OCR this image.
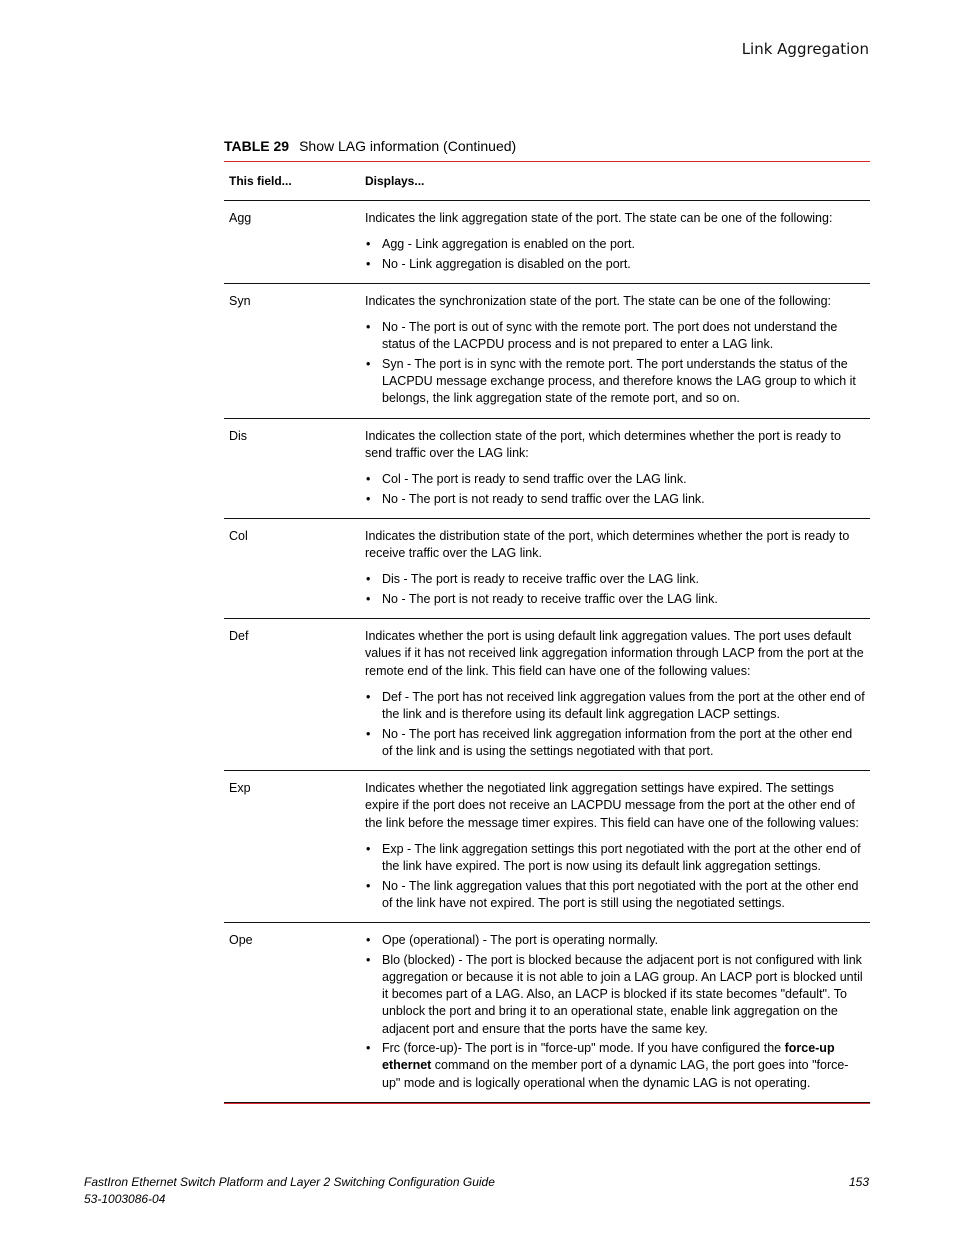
Link Aggregation
TABLE 29 Show LAG information (Continued)
This field...	Displays...
Agg	Indicates the link aggregation state of the port. The state can be one of the following:

• Agg - Link aggregation is enabled on the port.
• No - Link aggregation is disabled on the port.
Syn	Indicates the synchronization state of the port. The state can be one of the following:

• No - The port is out of sync with the remote port. The port does not understand the status of the LACPDU process and is not prepared to enter a LAG link.
• Syn - The port is in sync with the remote port. The port understands the status of the LACPDU message exchange process, and therefore knows the LAG group to which it belongs, the link aggregation state of the remote port, and so on.
Dis	Indicates the collection state of the port, which determines whether the port is ready to send traffic over the LAG link:

• Col - The port is ready to send traffic over the LAG link.
• No - The port is not ready to send traffic over the LAG link.
Col	Indicates the distribution state of the port, which determines whether the port is ready to receive traffic over the LAG link.

• Dis - The port is ready to receive traffic over the LAG link.
• No - The port is not ready to receive traffic over the LAG link.
Def	Indicates whether the port is using default link aggregation values. The port uses default values if it has not received link aggregation information through LACP from the port at the remote end of the link. This field can have one of the following values:

• Def - The port has not received link aggregation values from the port at the other end of the link and is therefore using its default link aggregation LACP settings.
• No - The port has received link aggregation information from the port at the other end of the link and is using the settings negotiated with that port.
Exp	Indicates whether the negotiated link aggregation settings have expired. The settings expire if the port does not receive an LACPDU message from the port at the other end of the link before the message timer expires. This field can have one of the following values:

• Exp - The link aggregation settings this port negotiated with the port at the other end of the link have expired. The port is now using its default link aggregation settings.
• No - The link aggregation values that this port negotiated with the port at the other end of the link have not expired. The port is still using the negotiated settings.
Ope
•	Ope (operational) - The port is operating normally.
• Blo (blocked) - The port is blocked because the adjacent port is not configured with link aggregation or because it is not able to join a LAG group. An LACP port is blocked until it becomes part of a LAG. Also, an LACP is blocked if its state becomes "default". To unblock the port and bring it to an operational state, enable link aggregation on the adjacent port and ensure that the ports have the same key.
• Frc (force-up)- The port is in "force-up" mode. If you have configured the force-up ethernet command on the member port of a dynamic LAG, the port goes into "force-up" mode and is logically operational when the dynamic LAG is not operating.
FastIron Ethernet Switch Platform and Layer 2 Switching Configuration Guide
53-1003086-04
153
